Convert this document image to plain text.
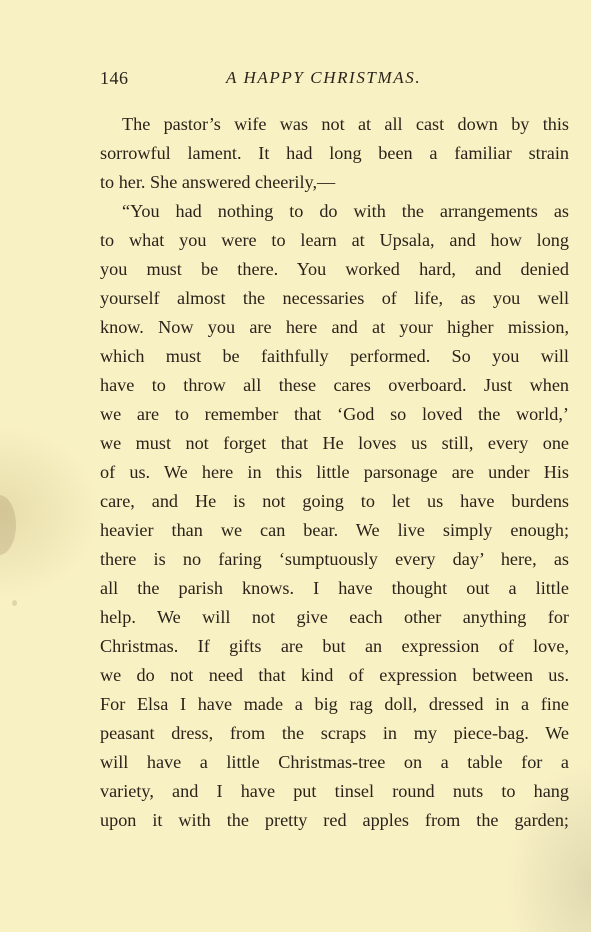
146	A HAPPY CHRISTMAS.
The pastor’s wife was not at all cast down by this
sorrowful lament. It had long been a familiar strain
to her. She answered cheerily,—
“You had nothing to do with the arrangements as
to what you were to learn at Upsala, and how long
you must be there. You worked hard, and denied
yourself almost the necessaries of life, as you well
know. Now you are here and at your higher mission,
which must be faithfully performed. So you will
have to throw all these cares overboard. Just when
we are to remember that ‘God so loved the world,’
we must not forget that He loves us still, every one
of us. We here in this little parsonage are under His
care, and He is not going to let us have burdens
heavier than we can bear. We live simply enough;
there is no faring ‘sumptuously every day’ here, as
all the parish knows. I have thought out a little
help. We will not give each other anything for
Christmas. If gifts are but an expression of love,
we do not need that kind of expression between us.
For Elsa I have made a big rag doll, dressed in a fine
peasant dress, from the scraps in my piece-bag. We
will have a little Christmas-tree on a table for a
variety, and I have put tinsel round nuts to hang
upon it with the pretty red apples from the garden;
